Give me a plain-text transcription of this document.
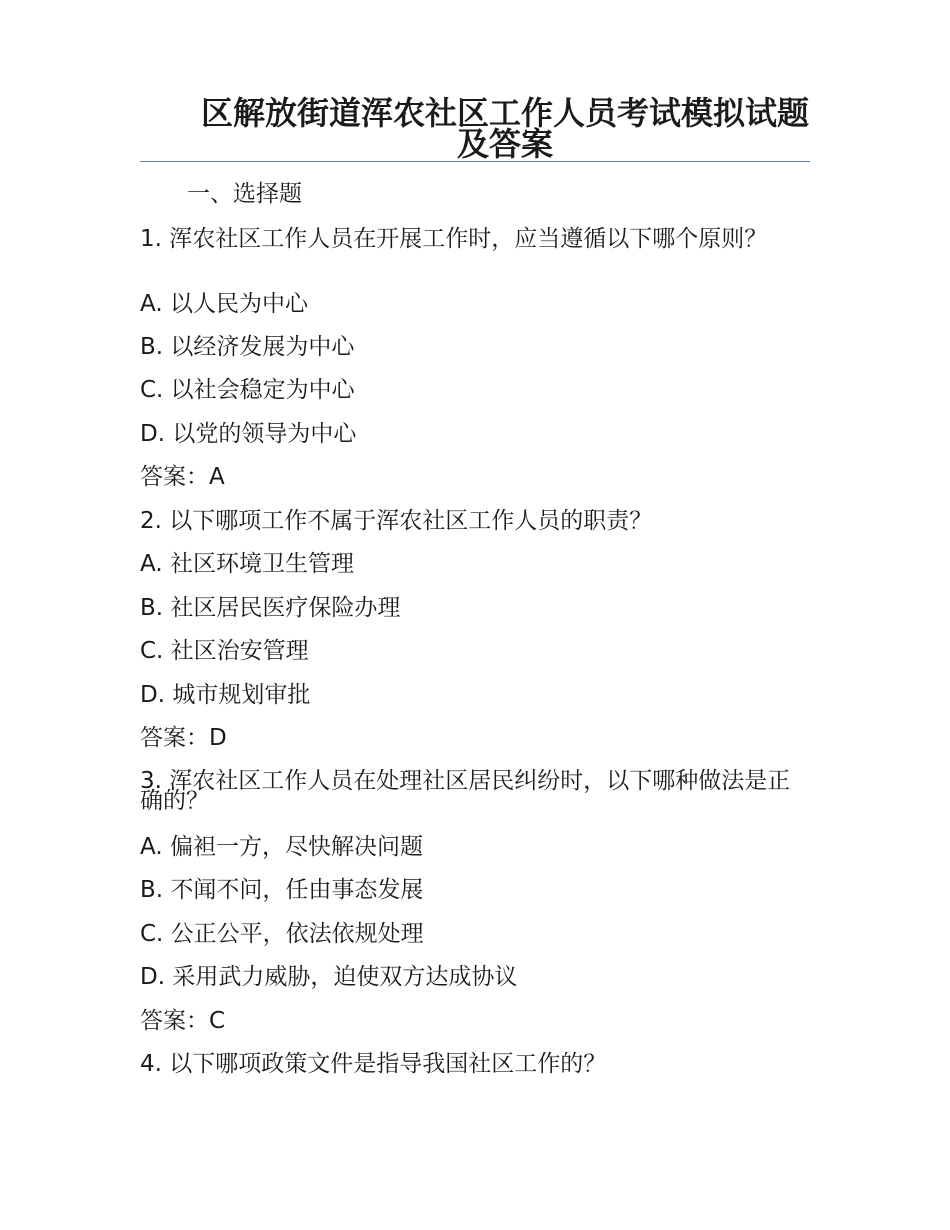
区解放街道浑农社区工作人员考试模拟试题及答案
一、选择题
1. 浑农社区工作人员在开展工作时，应当遵循以下哪个原则？
A. 以人民为中心
B. 以经济发展为中心
C. 以社会稳定为中心
D. 以党的领导为中心
答案：A
2. 以下哪项工作不属于浑农社区工作人员的职责？
A. 社区环境卫生管理
B. 社区居民医疗保险办理
C. 社区治安管理
D. 城市规划审批
答案：D
3. 浑农社区工作人员在处理社区居民纠纷时，以下哪种做法是正确的？
A. 偏袒一方，尽快解决问题
B. 不闻不问，任由事态发展
C. 公正公平，依法依规处理
D. 采用武力威胁，迫使双方达成协议
答案：C
4. 以下哪项政策文件是指导我国社区工作的？
